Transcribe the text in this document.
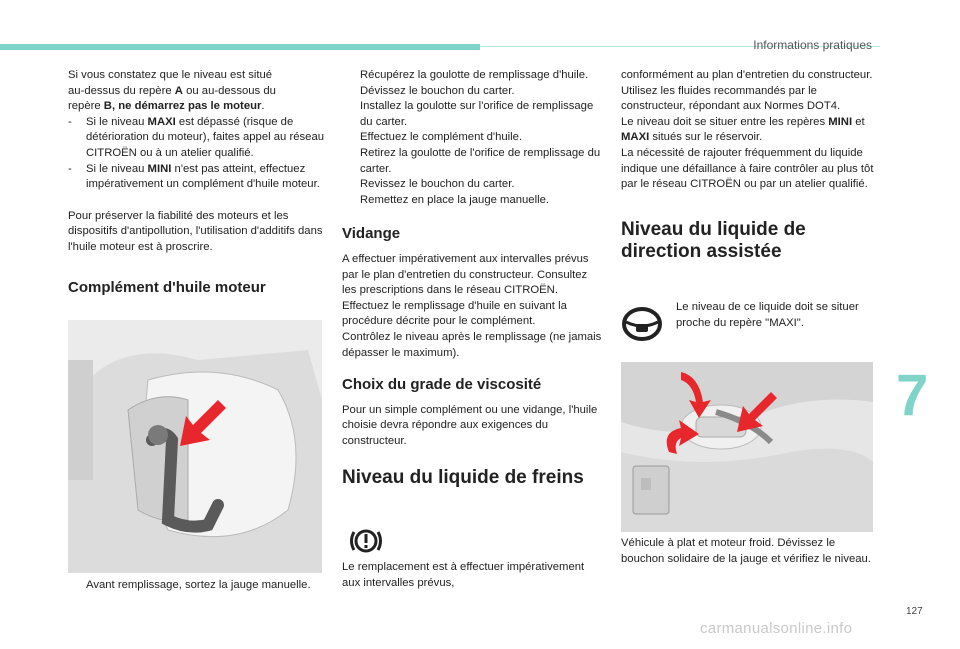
Informations pratiques
7
127
carmanualsonline.info

Si vous constatez que le niveau est situé
au-dessus du repère A ou au-dessous du
repère B, ne démarrez pas le moteur.

-	Si le niveau MAXI est dépassé (risque de détérioration du moteur), faites appel au réseau CITROËN ou à un atelier qualifié.
-	Si le niveau MINI n'est pas atteint, effectuez impérativement un complément d'huile moteur.

Pour préserver la fiabilité des moteurs et les dispositifs d'antipollution, l'utilisation d'additifs dans l'huile moteur est à proscrire.

Complément d'huile moteur
Avant remplissage, sortez la jauge manuelle.
Récupérez la goulotte de remplissage d'huile.
Dévissez le bouchon du carter.
Installez la goulotte sur l'orifice de remplissage du carter.
Effectuez le complément d'huile.
Retirez la goulotte de l'orifice de remplissage du carter.
Revissez le bouchon du carter.
Remettez en place la jauge manuelle.
Vidange

A effectuer impérativement aux intervalles prévus par le plan d'entretien du constructeur. Consultez les prescriptions dans le réseau CITROËN.

Effectuez le remplissage d'huile en suivant la procédure décrite pour le complément.

Contrôlez le niveau après le remplissage (ne jamais dépasser le maximum).

Choix du grade de viscosité

Pour un simple complément ou une vidange, l'huile choisie devra répondre aux exigences du constructeur.

Niveau du liquide de freins

Le remplacement est à effectuer impérativement aux intervalles prévus,

conformément au plan d'entretien du constructeur.

Utilisez les fluides recommandés par le constructeur, répondant aux Normes DOT4.

Le niveau doit se situer entre les repères MINI et MAXI situés sur le réservoir.

La nécessité de rajouter fréquemment du liquide indique une défaillance à faire contrôler au plus tôt par le réseau CITROËN ou par un atelier qualifié.

Niveau du liquide de
direction assistée

Le niveau de ce liquide doit se situer proche du repère "MAXI".

Véhicule à plat et moteur froid. Dévissez le bouchon solidaire de la jauge et vérifiez le niveau.
